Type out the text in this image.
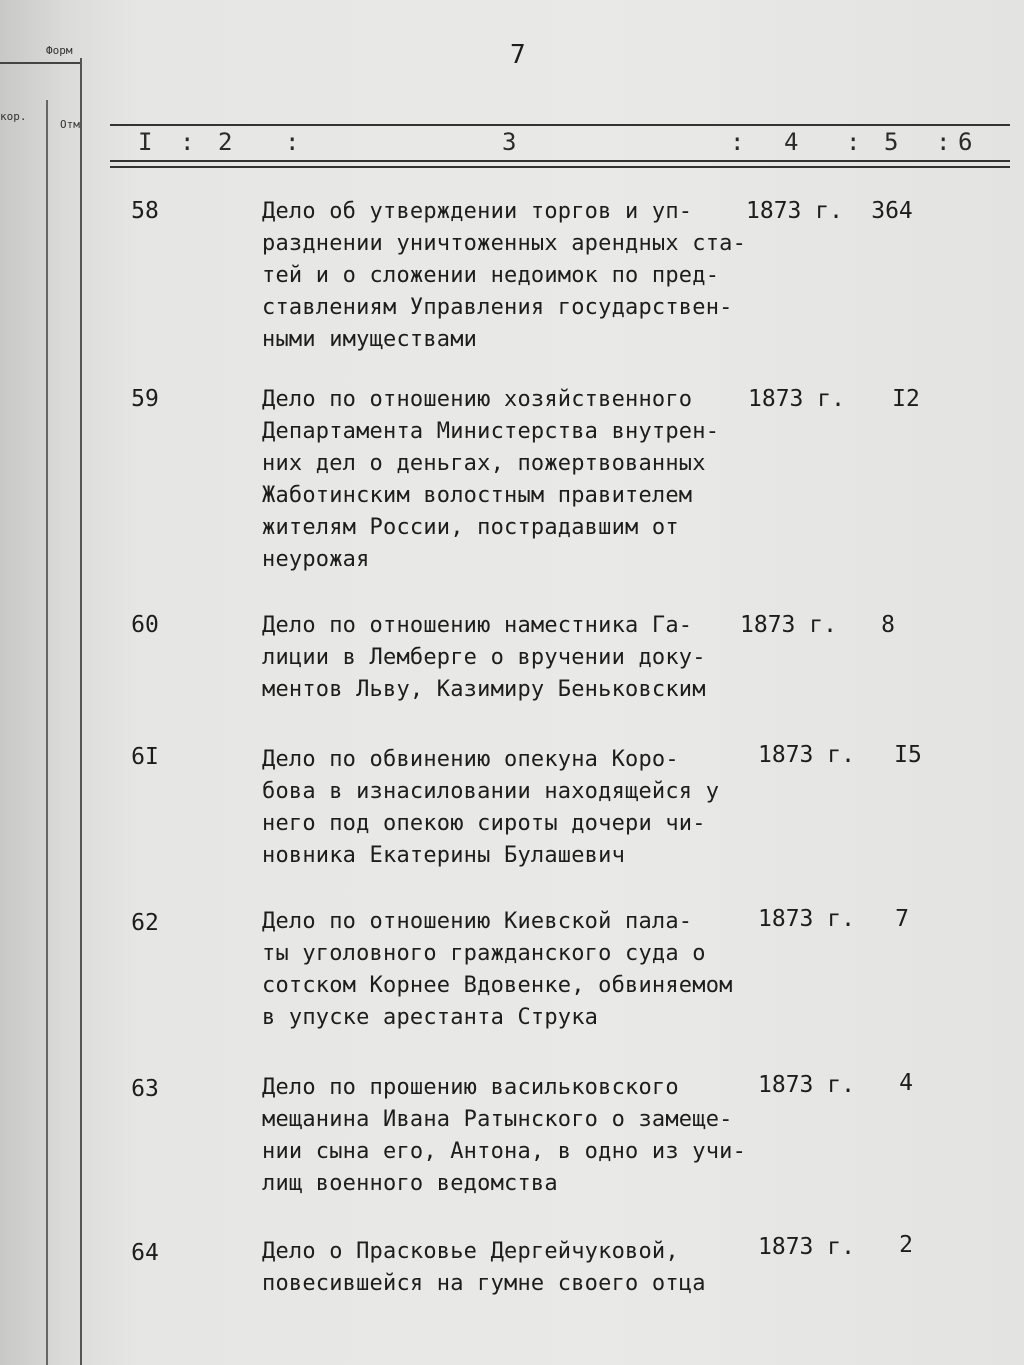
Форм
кор.
Отм
7
I : 2 :	3	: 4 : 5 : 6
58	Дело об утверждении торгов и уп-
разднении уничтоженных арендных ста-
тей и о сложении недоимок по пред-
ставлениям Управления государствен-
ными имуществами
1873 г.	364
59	Дело по отношению хозяйственного
Департамента Министерства внутрен-
них дел о деньгах, пожертвованных
Жаботинским волостным правителем
жителям России, пострадавшим от
неурожая
1873 г.	I2
60	Дело по отношению наместника Га-
лиции в Лемберге о вручении доку-
ментов Льву, Казимиру Беньковским
1873 г.	8
6I	Дело по обвинению опекуна Коро-
бова в изнасиловании находящейся у
него под опекою сироты дочери чи-
новника Екатерины Булашевич
1873 г.	I5
62	Дело по отношению Киевской пала-
ты уголовного гражданского суда о
сотском Корнее Вдовенке, обвиняемом
в упуске арестанта Струка
1873 г.	7
63	Дело по прошению васильковского
мещанина Ивана Ратынского о замещe-
нии сына его, Антона, в одно из учи-
лищ военного ведомства
1873 г.	4
64	Дело о Прасковье Дергейчуковой,
повесившейся на гумне своего отца
1873 г.	2
